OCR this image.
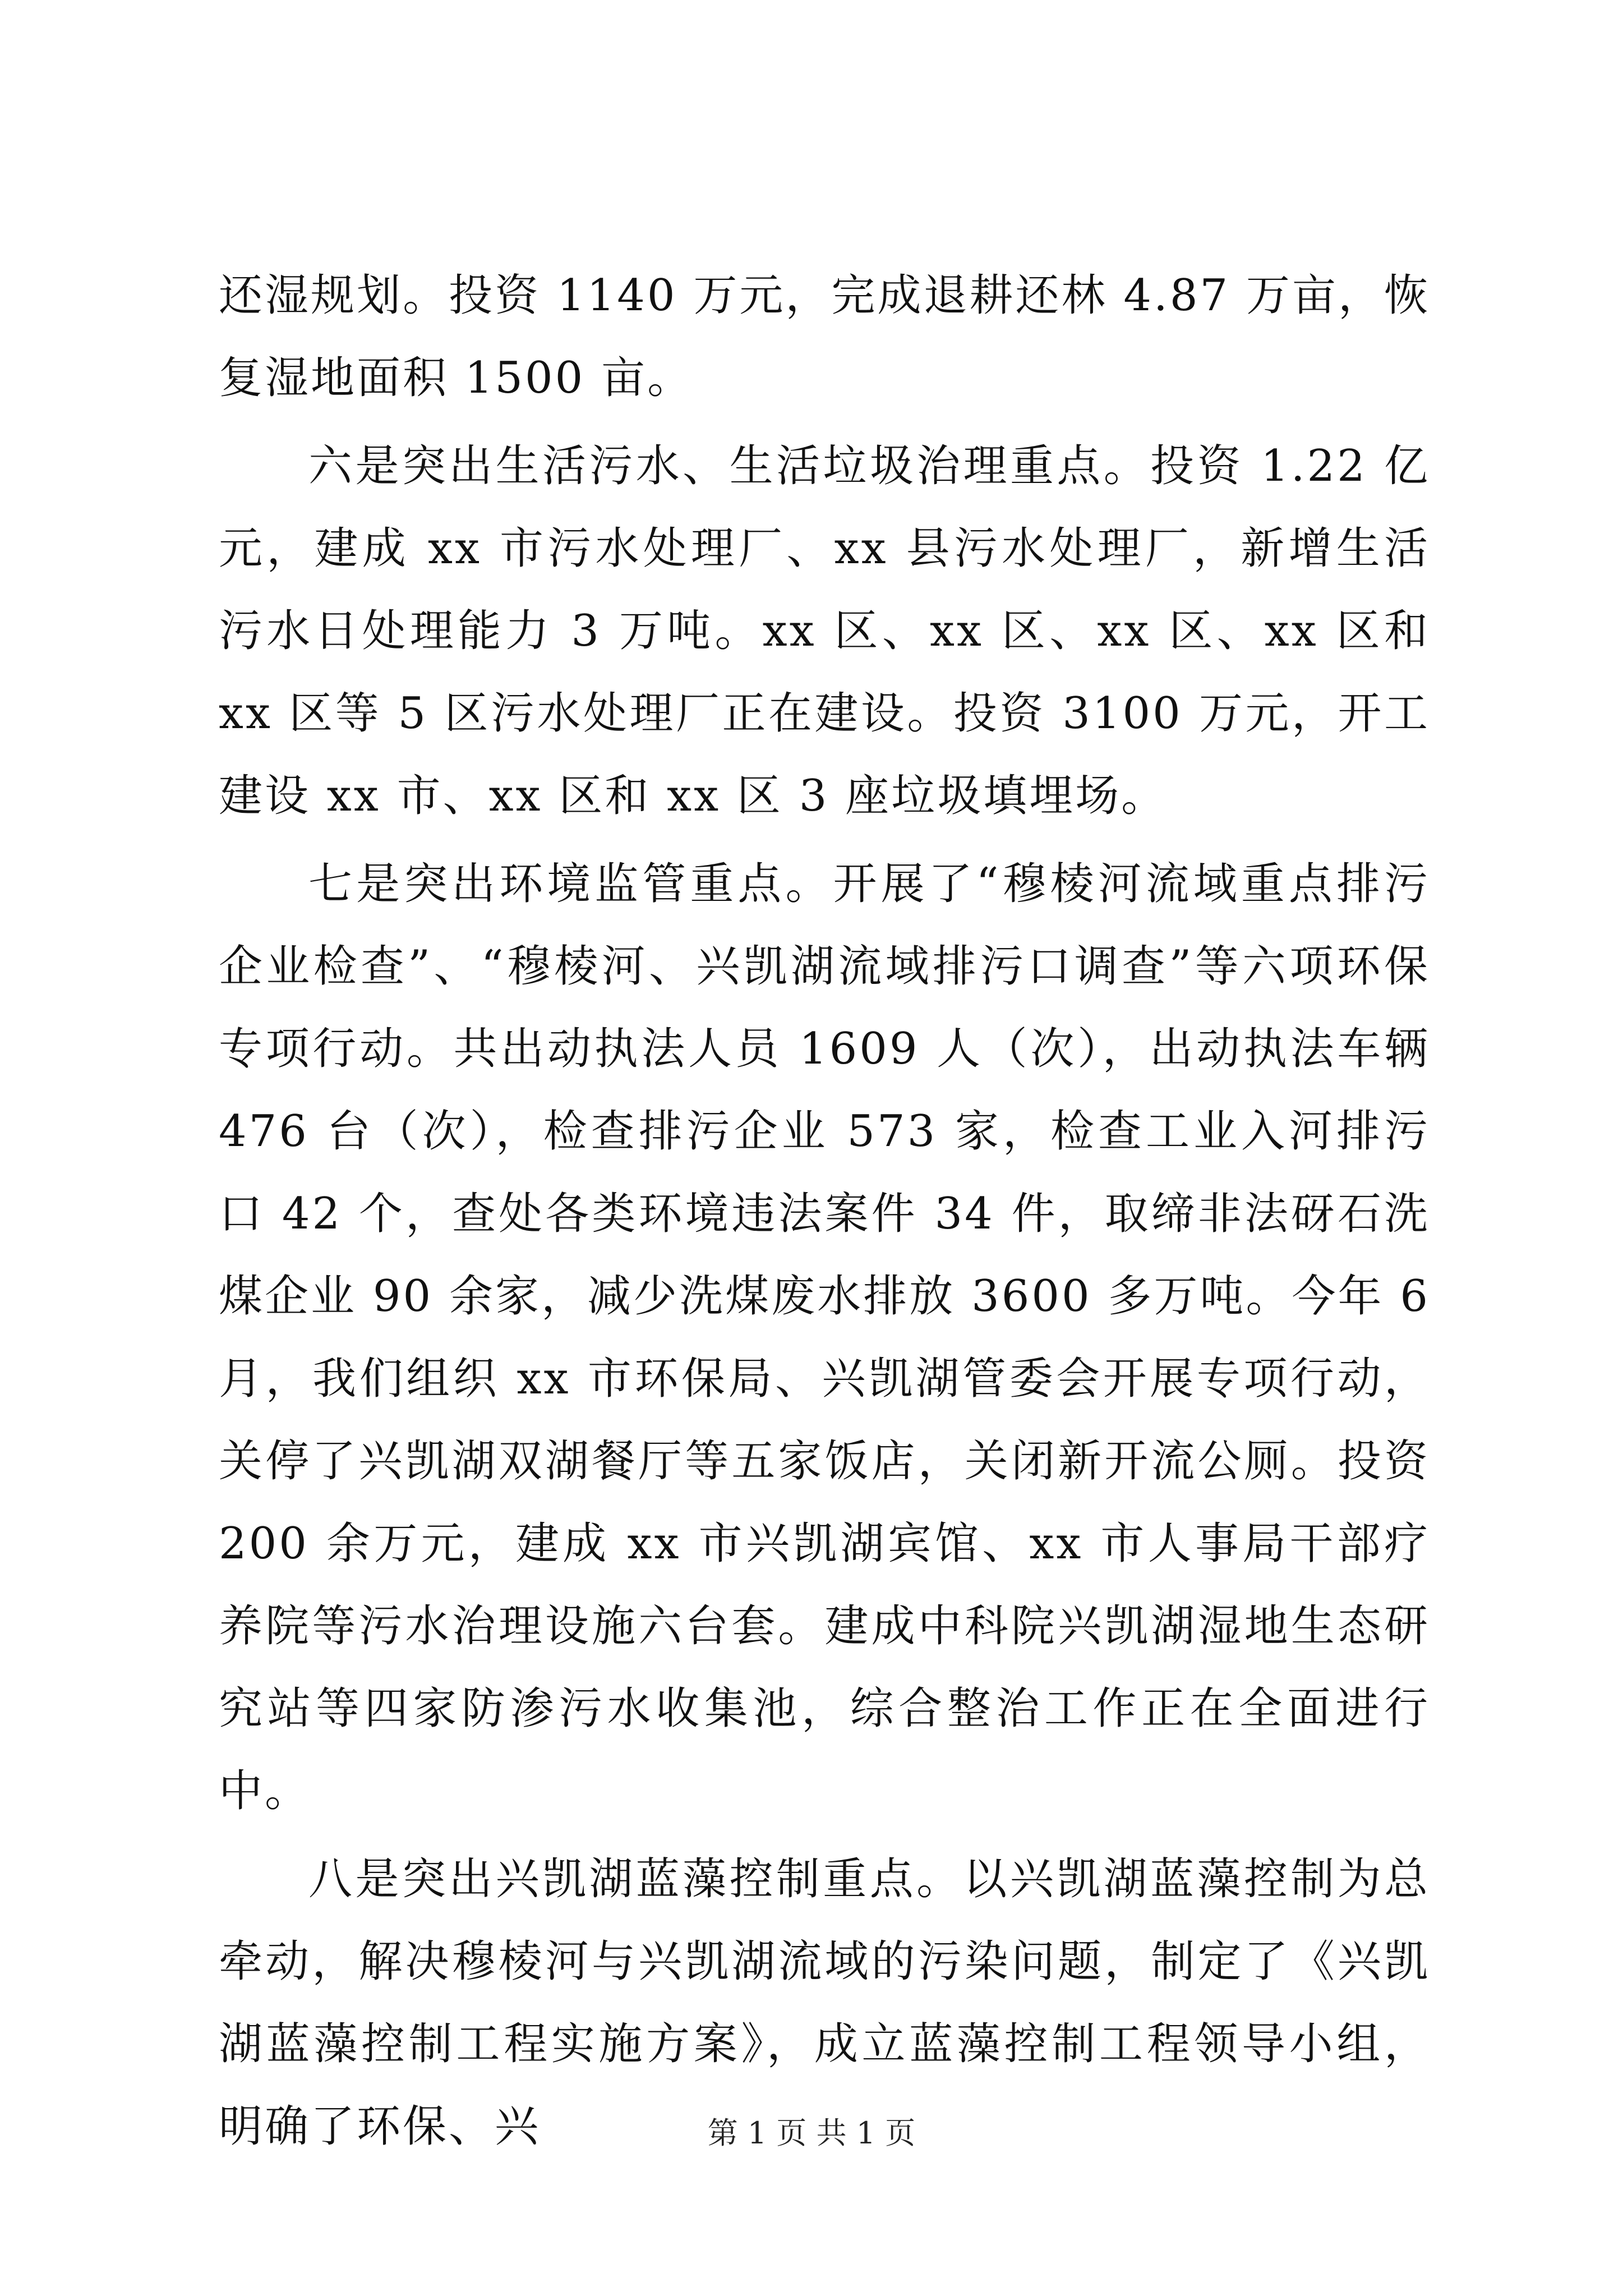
还湿规划。投资 1140 万元，完成退耕还林 4.87 万亩，恢复湿地面积 1500 亩。

六是突出生活污水、生活垃圾治理重点。投资 1.22 亿元，建成 xx 市污水处理厂、xx 县污水处理厂，新增生活污水日处理能力 3 万吨。xx 区、xx 区、xx 区、xx 区和 xx 区等 5 区污水处理厂正在建设。投资 3100 万元，开工建设 xx 市、xx 区和 xx 区 3 座垃圾填埋场。

七是突出环境监管重点。开展了“穆棱河流域重点排污企业检查”、“穆棱河、兴凯湖流域排污口调查”等六项环保专项行动。共出动执法人员 1609 人（次），出动执法车辆 476 台（次），检查排污企业 573 家，检查工业入河排污口 42 个，查处各类环境违法案件 34 件，取缔非法砑石洗煤企业 90 余家，减少洗煤废水排放 3600 多万吨。今年 6 月，我们组织 xx 市环保局、兴凯湖管委会开展专项行动，关停了兴凯湖双湖餐厅等五家饭店，关闭新开流公厕。投资 200 余万元，建成 xx 市兴凯湖宾馆、xx 市人事局干部疗养院等污水治理设施六台套。建成中科院兴凯湖湿地生态研究站等四家防渗污水收集池，综合整治工作正在全面进行中。

八是突出兴凯湖蓝藻控制重点。以兴凯湖蓝藻控制为总牵动，解决穆棱河与兴凯湖流域的污染问题，制定了《兴凯湖蓝藻控制工程实施方案》，成立蓝藻控制工程领导小组，明确了环保、兴	第 1 页 共 1 页
